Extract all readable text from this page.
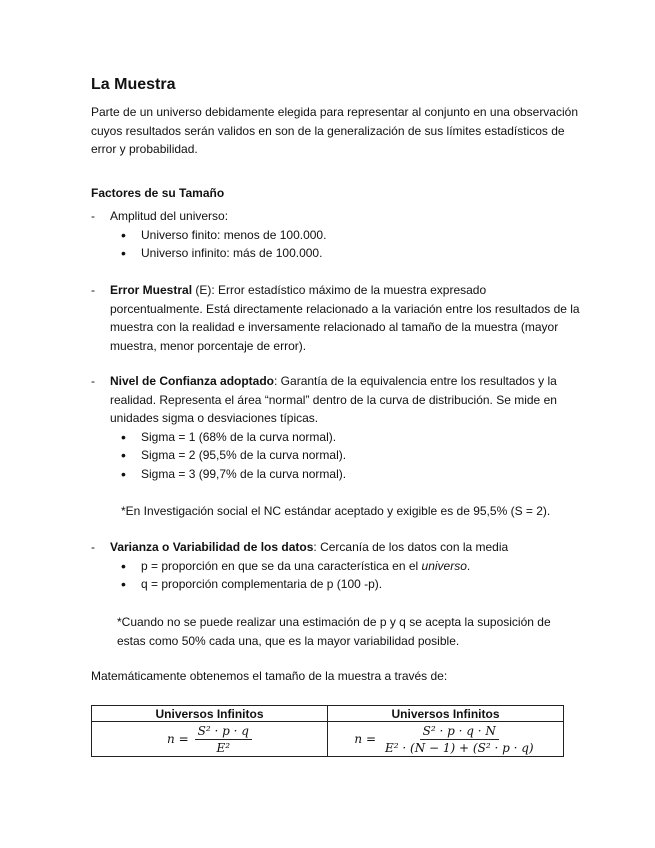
La Muestra

Parte de un universo debidamente elegida para representar al conjunto en una observación cuyos resultados serán validos en son de la generalización de sus límites estadísticos de error y probabilidad.

Factores de su Tamaño
- Amplitud del universo:
• Universo finito: menos de 100.000.
• Universo infinito: más de 100.000.
- Error Muestral (E): Error estadístico máximo de la muestra expresado porcentualmente. Está directamente relacionado a la variación entre los resultados de la muestra con la realidad e inversamente relacionado al tamaño de la muestra (mayor muestra, menor porcentaje de error).
- Nivel de Confianza adoptado: Garantía de la equivalencia entre los resultados y la realidad. Representa el área “normal” dentro de la curva de distribución. Se mide en unidades sigma o desviaciones típicas.
• Sigma = 1 (68% de la curva normal).
• Sigma = 2 (95,5% de la curva normal).
• Sigma = 3 (99,7% de la curva normal).
*En Investigación social el NC estándar aceptado y exigible es de 95,5% (S = 2).
- Varianza o Variabilidad de los datos: Cercanía de los datos con la media
• p = proporción en que se da una característica en el universo.
• q = proporción complementaria de p (100 -p).
*Cuando no se puede realizar una estimación de p y q se acepta la suposición de estas como 50% cada una, que es la mayor variabilidad posible.

Matemáticamente obtenemos el tamaño de la muestra a través de:

Universos Infinitos	Universos Infinitos

$n = \frac{\text{S² · p · q}}{\text{E²}}$	$n = \frac{\text{S² · p · q · N}}{\text{E² · (N − 1) + (S² · p · q)}}$
